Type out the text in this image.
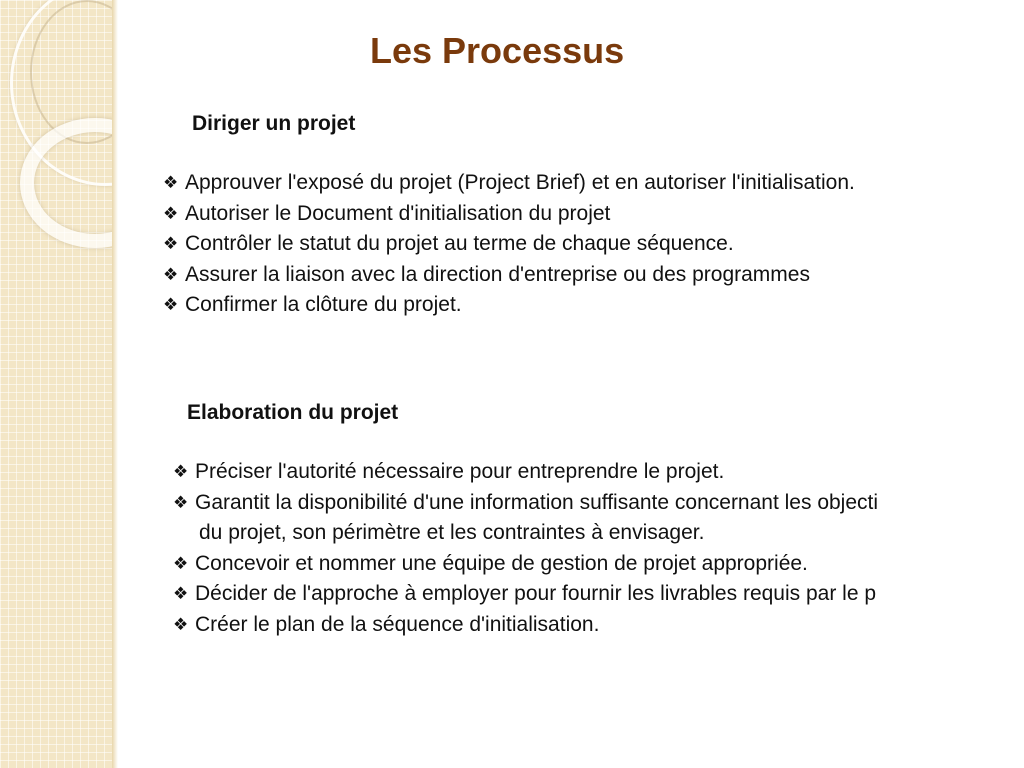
Les Processus
Diriger un projet
❖ Approuver l'exposé du projet (Project Brief) et en autoriser l'initialisation.
❖ Autoriser le Document d'initialisation du projet
❖ Contrôler le statut du projet au terme de chaque séquence.
❖ Assurer la liaison avec la direction d'entreprise ou des programmes
❖ Confirmer la clôture du projet.
Elaboration du projet
❖ Préciser l'autorité nécessaire pour entreprendre le projet.
❖ Garantit la disponibilité d'une information suffisante concernant les objecti
du projet, son périmètre et les contraintes à envisager.
❖ Concevoir et nommer une équipe de gestion de projet appropriée.
❖ Décider de l'approche à employer pour fournir les livrables requis par le p
❖ Créer le plan de la séquence d'initialisation.
